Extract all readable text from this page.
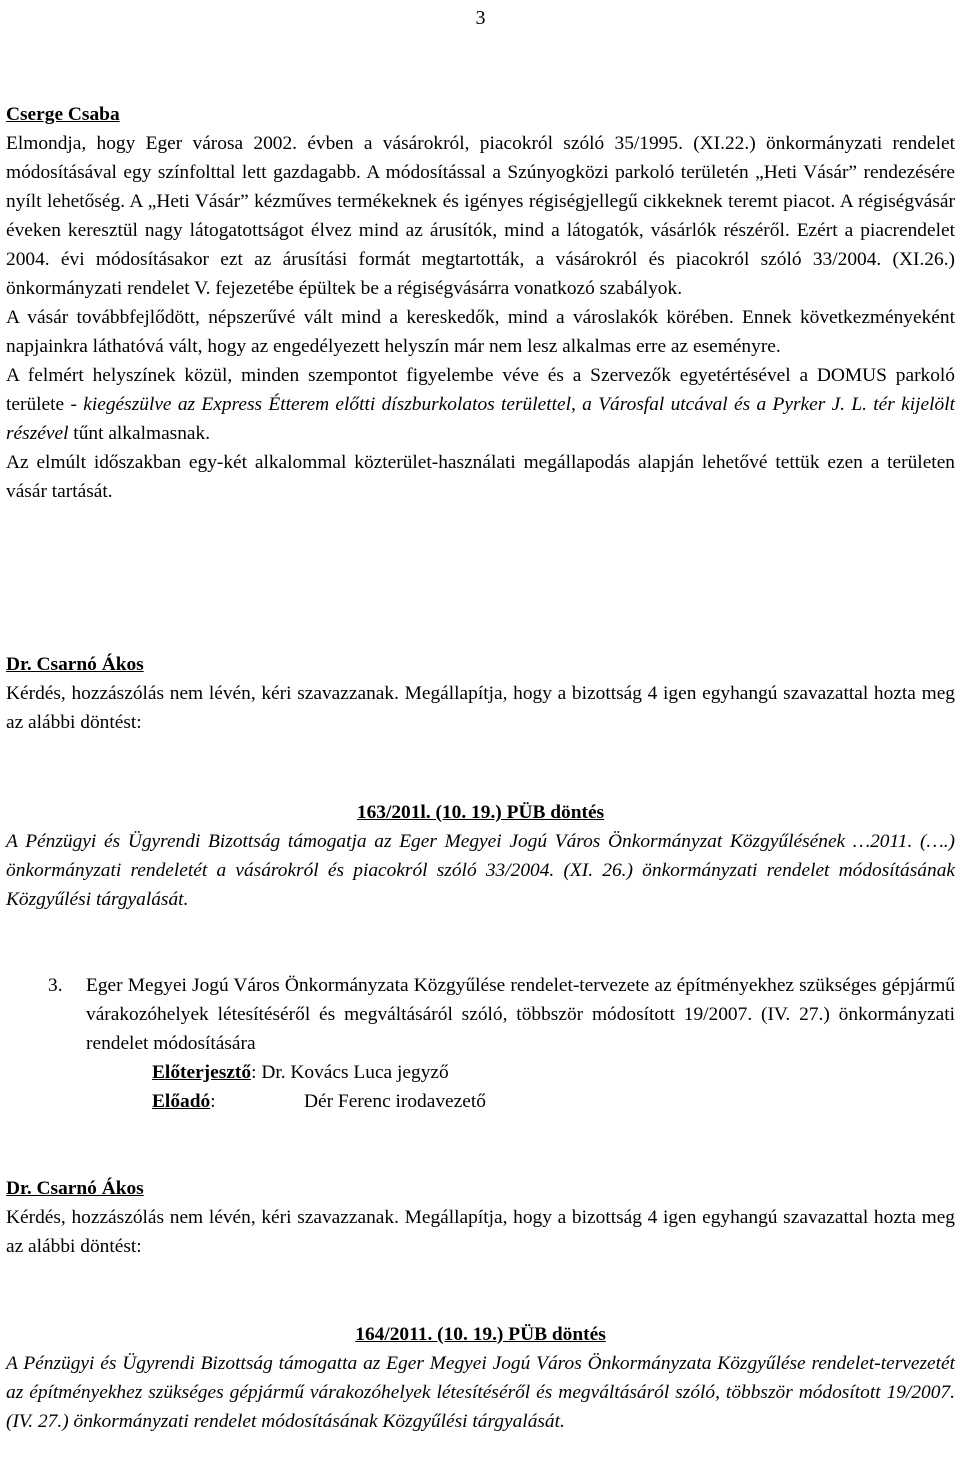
3
Cserge Csaba

Elmondja, hogy Eger városa 2002. évben a vásárokról, piacokról szóló 35/1995. (XI.22.) önkormányzati rendelet módosításával egy színfolttal lett gazdagabb. A módosítással a Szúnyogközi parkoló területén „Heti Vásár” rendezésére nyílt lehetőség. A „Heti Vásár” kézműves termékeknek és igényes régiségjellegű cikkeknek teremt piacot. A régiségvásár éveken keresztül nagy látogatottságot élvez mind az árusítók, mind a látogatók, vásárlók részéről. Ezért a piacrendelet 2004. évi módosításakor ezt az árusítási formát megtartották, a vásárokról és piacokról szóló 33/2004. (XI.26.) önkormányzati rendelet V. fejezetébe épültek be a régiségvásárra vonatkozó szabályok.

A vásár továbbfejlődött, népszerűvé vált mind a kereskedők, mind a városlakók körében. Ennek következményeként napjainkra láthatóvá vált, hogy az engedélyezett helyszín már nem lesz alkalmas erre az eseményre.

A felmért helyszínek közül, minden szempontot figyelembe véve és a Szervezők egyetértésével a DOMUS parkoló területe - kiegészülve az Express Étterem előtti díszburkolatos területtel, a Városfal utcával és a Pyrker J. L. tér kijelölt részével tűnt alkalmasnak.

Az elmúlt időszakban egy-két alkalommal közterület-használati megállapodás alapján lehetővé tettük ezen a területen vásár tartását.

Dr. Csarnó Ákos

Kérdés, hozzászólás nem lévén, kéri szavazzanak. Megállapítja, hogy a bizottság 4 igen egyhangú szavazattal hozta meg az alábbi döntést:

163/201l. (10. 19.) PÜB döntés

A Pénzügyi és Ügyrendi Bizottság támogatja az Eger Megyei Jogú Város Önkormányzat Közgyűlésének …2011. (….) önkormányzati rendeletét a vásárokról és piacokról szóló 33/2004. (XI. 26.) önkormányzati rendelet módosításának Közgyűlési tárgyalását.

3. Eger Megyei Jogú Város Önkormányzata Közgyűlése rendelet-tervezete az építményekhez szükséges gépjármű várakozóhelyek létesítéséről és megváltásáról szóló, többször módosított 19/2007. (IV. 27.) önkormányzati rendelet módosítására

Előterjesztő: Dr. Kovács Luca jegyző
Előadó:	Dér Ferenc irodavezető
Dr. Csarnó Ákos

Kérdés, hozzászólás nem lévén, kéri szavazzanak. Megállapítja, hogy a bizottság 4 igen egyhangú szavazattal hozta meg az alábbi döntést:

164/2011. (10. 19.) PÜB döntés

A Pénzügyi és Ügyrendi Bizottság támogatta az Eger Megyei Jogú Város Önkormányzata Közgyűlése rendelet-tervezetét az építményekhez szükséges gépjármű várakozóhelyek létesítéséről és megváltásáról szóló, többször módosított 19/2007. (IV. 27.) önkormányzati rendelet módosításának Közgyűlési tárgyalását.
